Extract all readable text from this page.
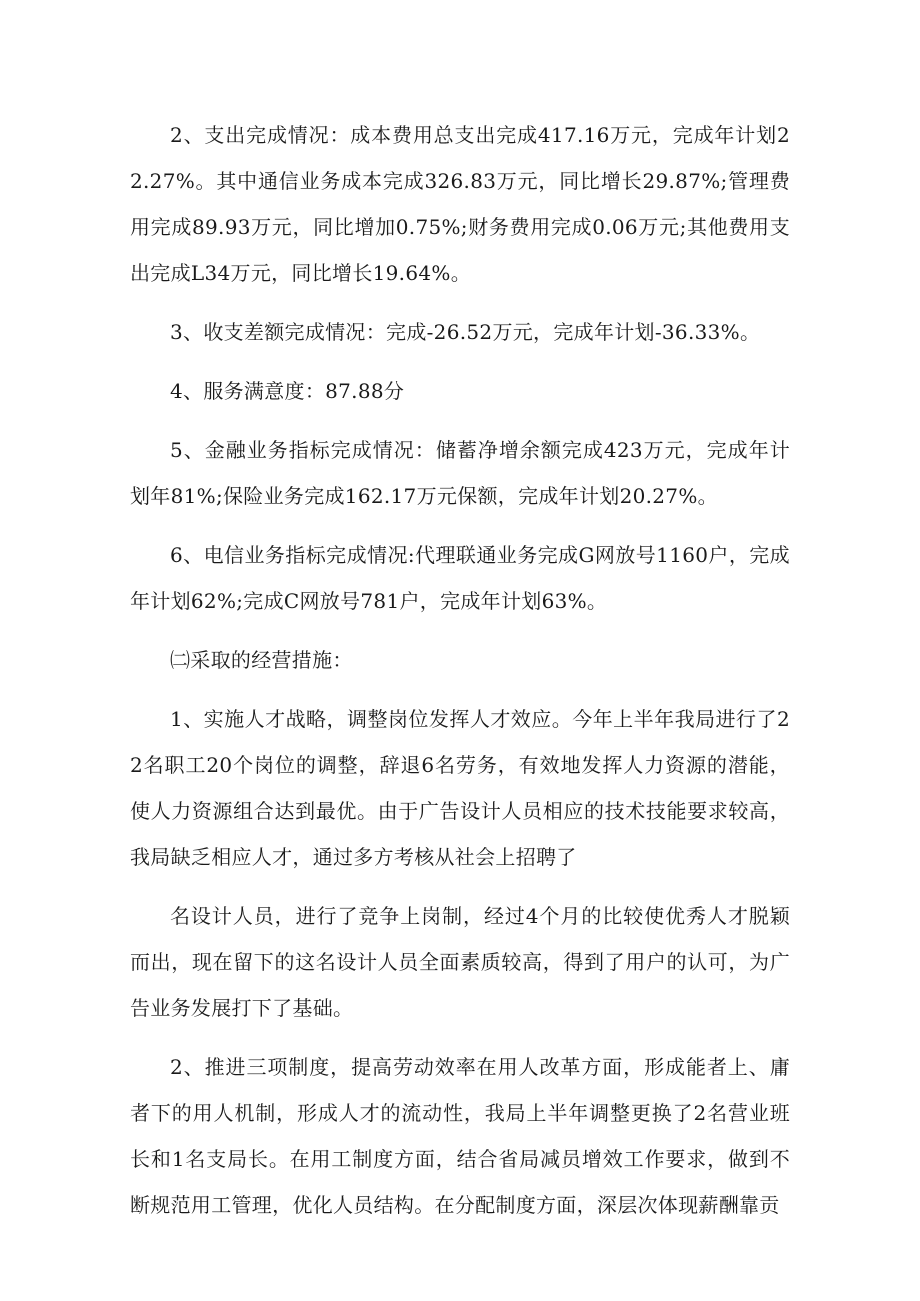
2、支出完成情况：成本费用总支出完成417.16万元，完成年计划22.27%。其中通信业务成本完成326.83万元，同比增长29.87%;管理费用完成89.93万元，同比增加0.75%;财务费用完成0.06万元;其他费用支出完成L34万元，同比增长19.64%。

3、收支差额完成情况：完成-26.52万元，完成年计划-36.33%。

4、服务满意度：87.88分

5、金融业务指标完成情况：储蓄净增余额完成423万元，完成年计划年81%;保险业务完成162.17万元保额，完成年计划20.27%。

6、电信业务指标完成情况:代理联通业务完成G网放号1160户，完成年计划62%;完成C网放号781户，完成年计划63%。

㈡采取的经营措施：

1、实施人才战略，调整岗位发挥人才效应。今年上半年我局进行了22名职工20个岗位的调整，辞退6名劳务，有效地发挥人力资源的潜能，使人力资源组合达到最优。由于广告设计人员相应的技术技能要求较高，我局缺乏相应人才，通过多方考核从社会上招聘了

名设计人员，进行了竞争上岗制，经过4个月的比较使优秀人才脱颖而出，现在留下的这名设计人员全面素质较高，得到了用户的认可，为广告业务发展打下了基础。

2、推进三项制度，提高劳动效率在用人改革方面，形成能者上、庸者下的用人机制，形成人才的流动性，我局上半年调整更换了2名营业班长和1名支局长。在用工制度方面，结合省局减员增效工作要求，做到不断规范用工管理，优化人员结构。在分配制度方面，深层次体现薪酬靠贡
